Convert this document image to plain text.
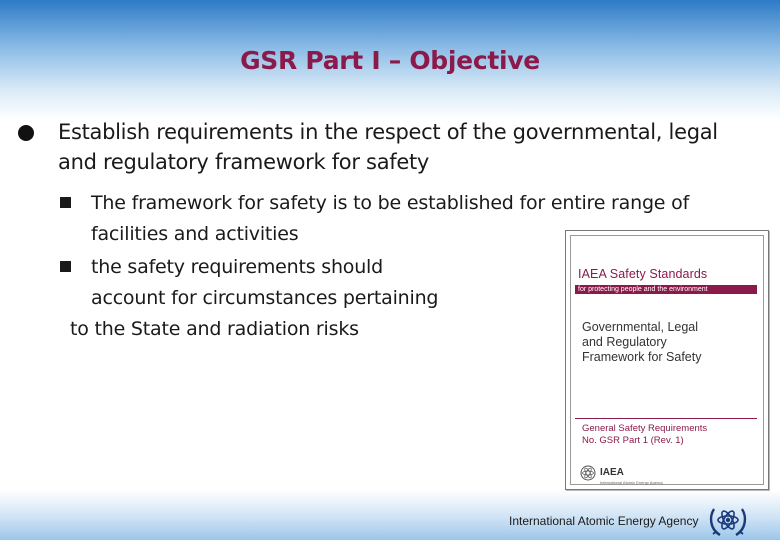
GSR Part I – Objective
Establish requirements in the respect of the governmental, legal and regulatory framework for safety
The framework for safety is to be established for entire range of facilities and activities
the safety requirements should
account for circumstances pertaining
to the State and radiation risks
IAEA Safety Standards
for protecting people and the environment
Governmental, Legal
and Regulatory
Framework for Safety
General Safety Requirements
No. GSR Part 1 (Rev. 1)
IAEA
International Atomic Energy Agency
International Atomic Energy Agency
